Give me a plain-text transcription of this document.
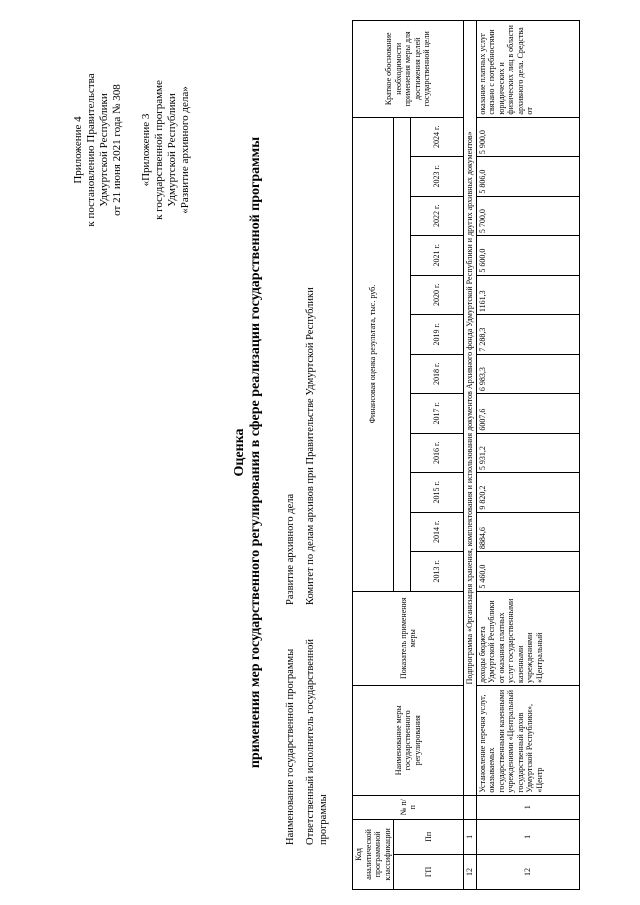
Приложение 4 к постановлению Правительства Удмуртской Республики от 21 июня 2021 года № 308 «Приложение 3 к государственной программе Удмуртской Республики «Развитие архивного дела»
Оценка применения мер государственного регулирования в сфере реализации государственной программы Наименование государственной программы
Развитие архивного дела
Ответственный исполнитель государственной программы
Комитет по делам архивов при Правительстве Удмуртской Республики
Код аналитической программной классификации		№ п/п	Наименование меры государственного регулирования	Показатель применения меры	Финансовая оценка результата, тыс. руб.												Краткое обоснование необходимости применения меры для достижения целей государственной цели
ГП	Пп																
					2013 г.	2014 г.	2015 г.	2016 г.	2017 г.	2018 г.	2019 г.	2020 г.	2021 г.	2022 г.	2023 г.	2024 г.	
12	1		Подпрограмма «Организация хранения, комплектования и использования документов Архивного фонда Удмуртской Республики и других архивных документов»														
12	1	1	Установление перечня услуг, оказываемых государственными казенными учреждениями «Центральный государственный архив Удмуртской Республики», «Центр	доходы бюджета Удмуртской Республики от оказания платных услуг государственными казенными учреждениями «Центральный	5 460,0	8884,6	9 820,2	5 931,2	6007,6	6 983,3	7 288,3	1161,3	5 600,0	5 700,0	5 806,0	5 900,0	оказание платных услуг связано с потребностями юридических и физических лиц в области архивного дела. Средства от
